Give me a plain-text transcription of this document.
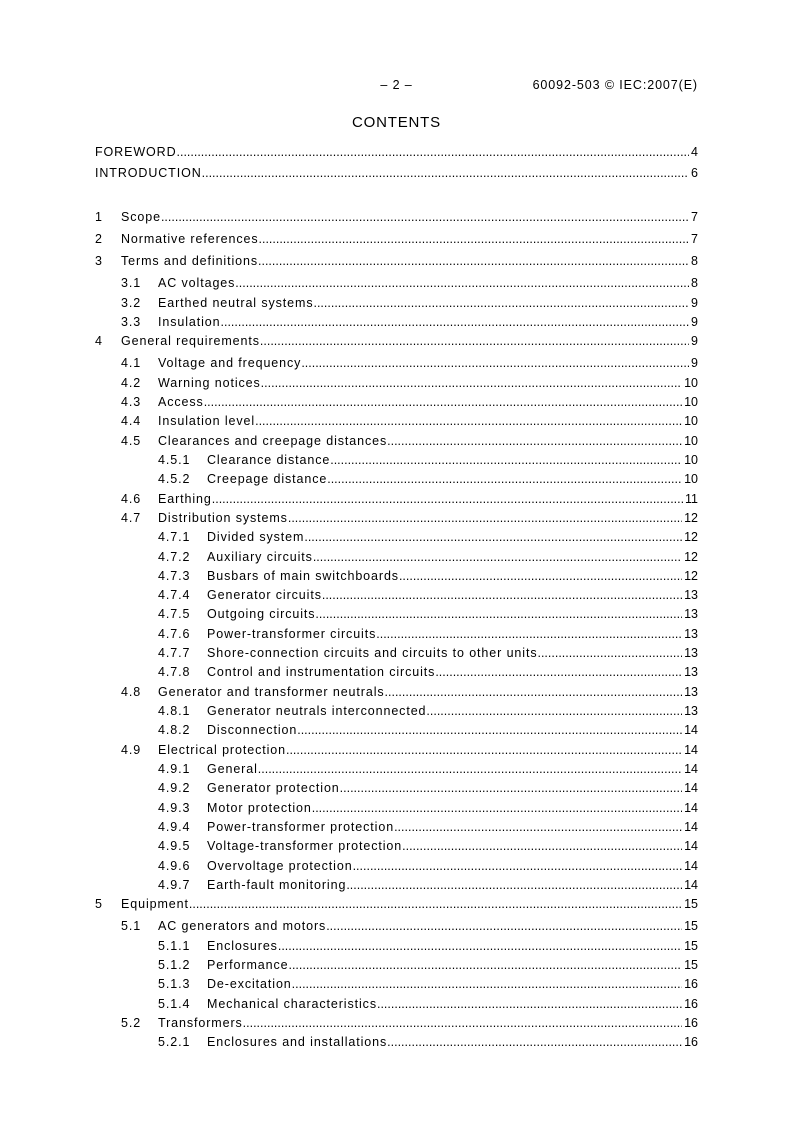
– 2 –	60092-503 © IEC:2007(E)
CONTENTS
FOREWORD .....	4
INTRODUCTION .....	6
1	Scope .....	7
2	Normative references .....	7
3	Terms and definitions .....	8
3.1	AC voltages .....	8
3.2	Earthed neutral systems .....	9
3.3	Insulation .....	9
4	General requirements .....	9
4.1	Voltage and frequency .....	9
4.2	Warning notices .....	10
4.3	Access .....	10
4.4	Insulation level .....	10
4.5	Clearances and creepage distances .....	10
4.5.1	Clearance distance .....	10
4.5.2	Creepage distance .....	10
4.6	Earthing .....	11
4.7	Distribution systems .....	12
4.7.1	Divided system .....	12
4.7.2	Auxiliary circuits .....	12
4.7.3	Busbars of main switchboards .....	12
4.7.4	Generator circuits .....	13
4.7.5	Outgoing circuits .....	13
4.7.6	Power-transformer circuits .....	13
4.7.7	Shore-connection circuits and circuits to other units .....	13
4.7.8	Control and instrumentation circuits .....	13
4.8	Generator and transformer neutrals .....	13
4.8.1	Generator neutrals interconnected .....	13
4.8.2	Disconnection .....	14
4.9	Electrical protection .....	14
4.9.1	General .....	14
4.9.2	Generator protection .....	14
4.9.3	Motor protection .....	14
4.9.4	Power-transformer protection .....	14
4.9.5	Voltage-transformer protection .....	14
4.9.6	Overvoltage protection .....	14
4.9.7	Earth-fault monitoring .....	14
5	Equipment .....	15
5.1	AC generators and motors .....	15
5.1.1	Enclosures .....	15
5.1.2	Performance .....	15
5.1.3	De-excitation .....	16
5.1.4	Mechanical characteristics .....	16
5.2	Transformers .....	16
5.2.1	Enclosures and installations .....	16
